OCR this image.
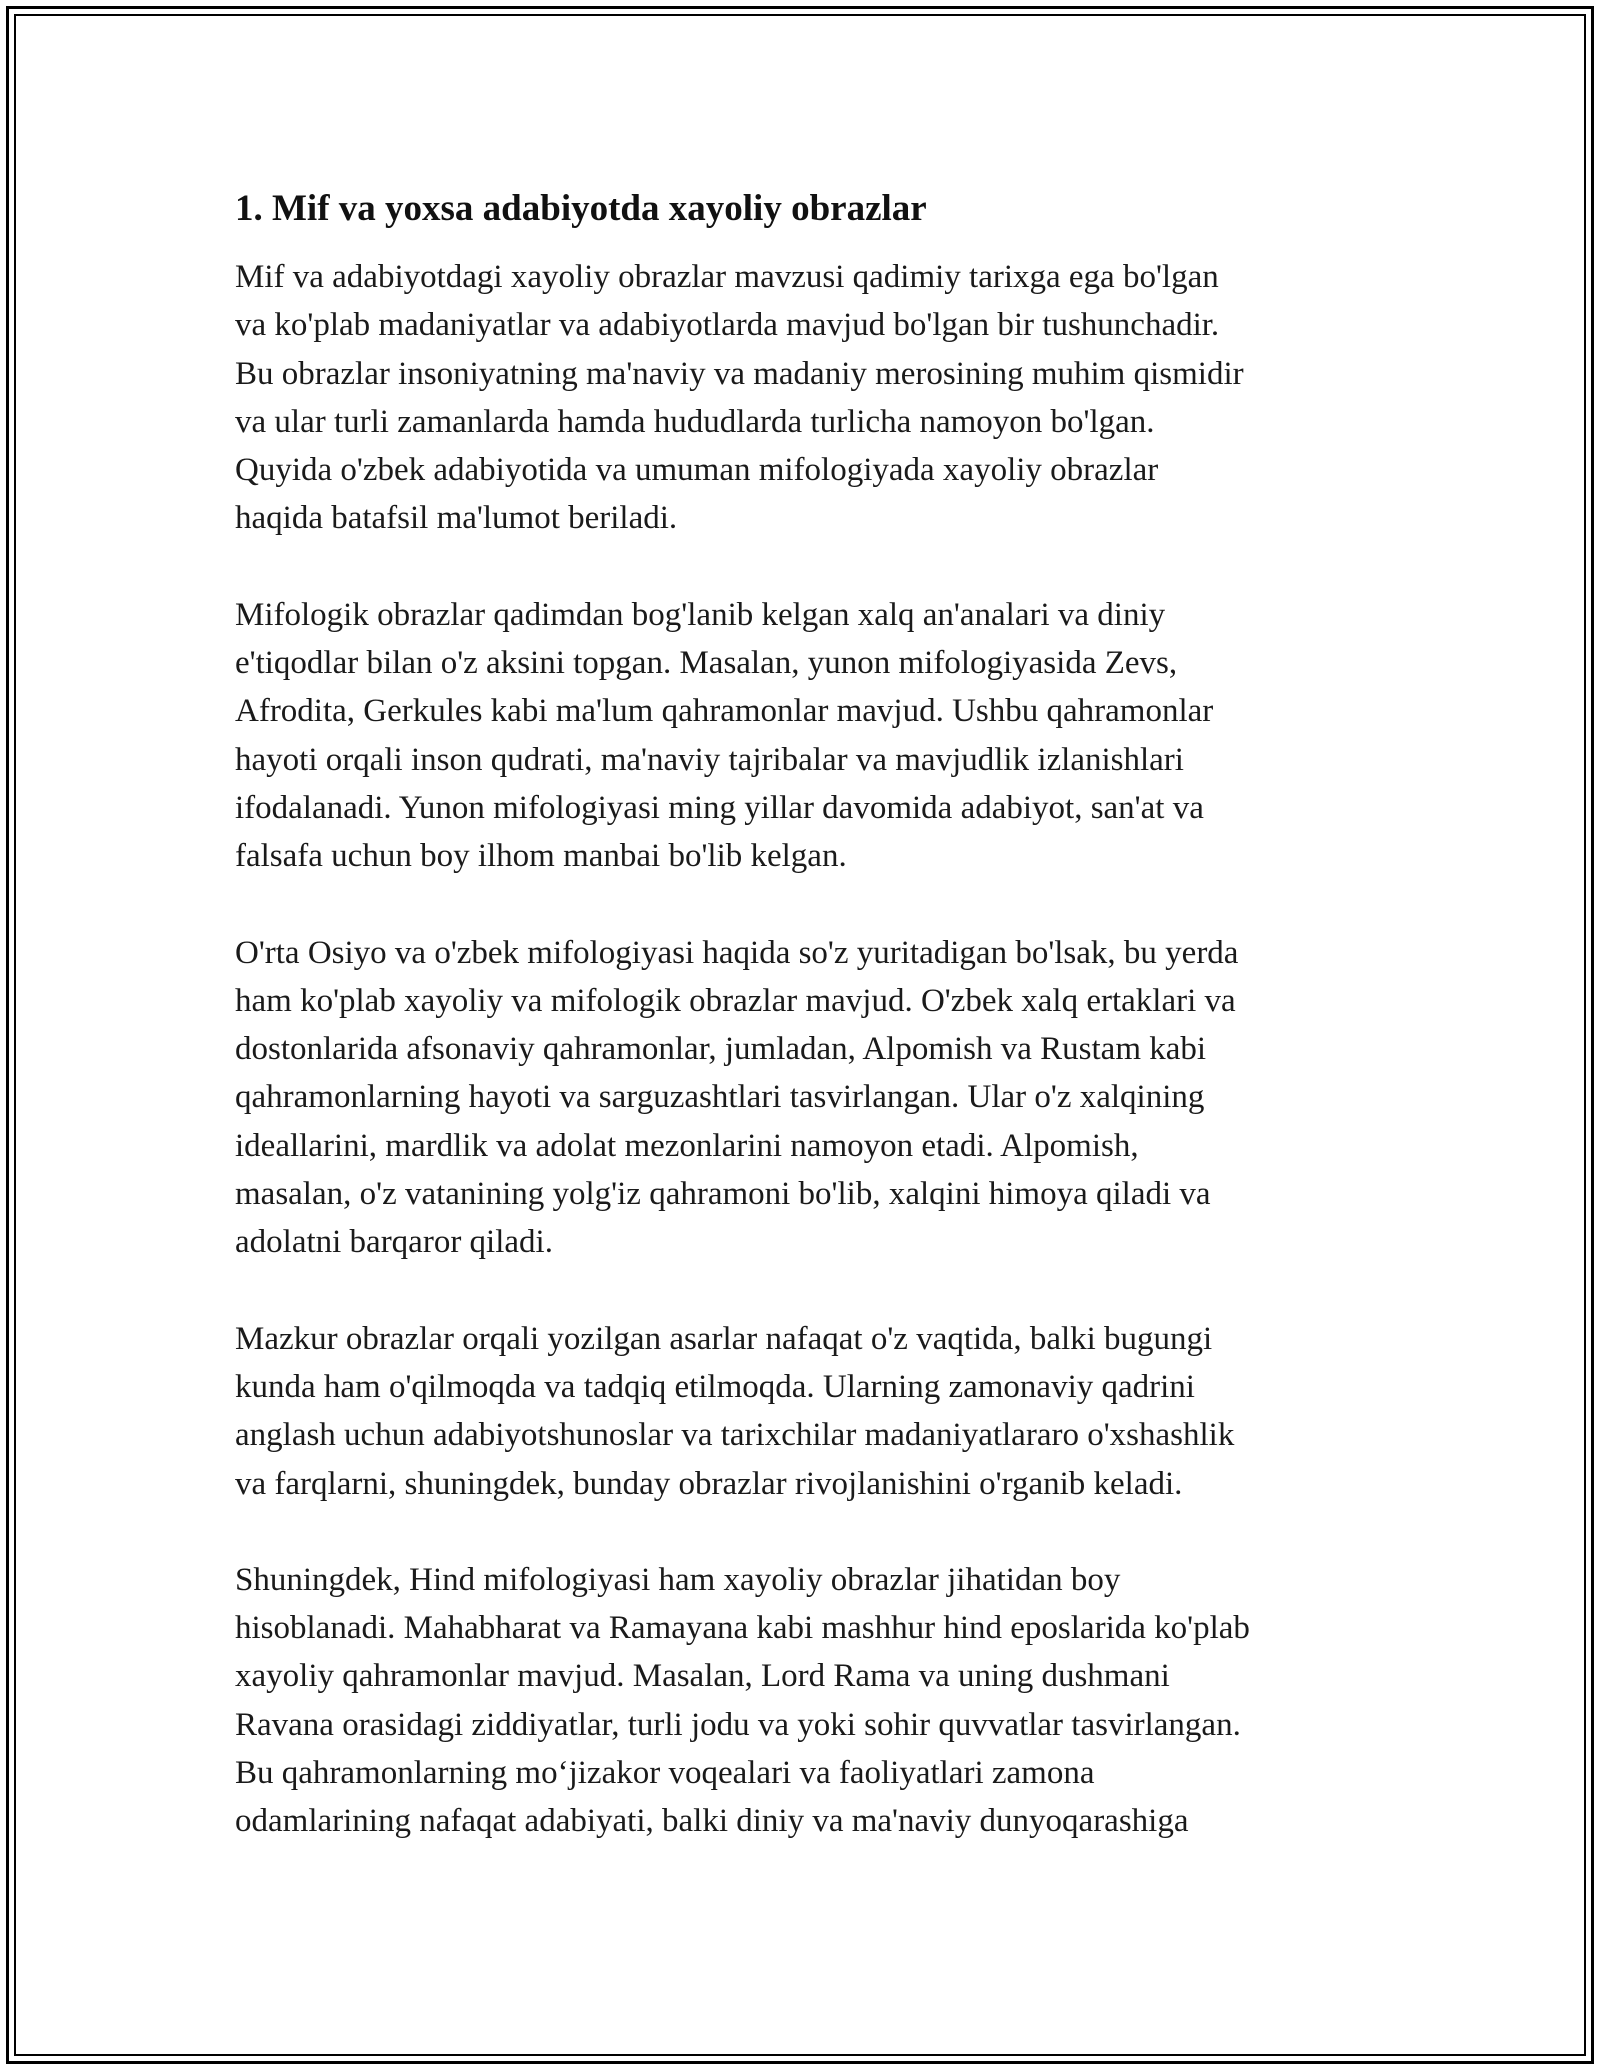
1. Mif va yoxsa adabiyotda xayoliy obrazlar

Mif va adabiyotdagi xayoliy obrazlar mavzusi qadimiy tarixga ega bo'lgan
va ko'plab madaniyatlar va adabiyotlarda mavjud bo'lgan bir tushunchadir.
Bu obrazlar insoniyatning ma'naviy va madaniy merosining muhim qismidir
va ular turli zamanlarda hamda hududlarda turlicha namoyon bo'lgan.
Quyida o'zbek adabiyotida va umuman mifologiyada xayoliy obrazlar
haqida batafsil ma'lumot beriladi.

Mifologik obrazlar qadimdan bog'lanib kelgan xalq an'analari va diniy
e'tiqodlar bilan o'z aksini topgan. Masalan, yunon mifologiyasida Zevs,
Afrodita, Gerkules kabi ma'lum qahramonlar mavjud. Ushbu qahramonlar
hayoti orqali inson qudrati, ma'naviy tajribalar va mavjudlik izlanishlari
ifodalanadi. Yunon mifologiyasi ming yillar davomida adabiyot, san'at va
falsafa uchun boy ilhom manbai bo'lib kelgan.

O'rta Osiyo va o'zbek mifologiyasi haqida so'z yuritadigan bo'lsak, bu yerda
ham ko'plab xayoliy va mifologik obrazlar mavjud. O'zbek xalq ertaklari va
dostonlarida afsonaviy qahramonlar, jumladan, Alpomish va Rustam kabi
qahramonlarning hayoti va sarguzashtlari tasvirlangan. Ular o'z xalqining
ideallarini, mardlik va adolat mezonlarini namoyon etadi. Alpomish,
masalan, o'z vatanining yolg'iz qahramoni bo'lib, xalqini himoya qiladi va
adolatni barqaror qiladi.

Mazkur obrazlar orqali yozilgan asarlar nafaqat o'z vaqtida, balki bugungi
kunda ham o'qilmoqda va tadqiq etilmoqda. Ularning zamonaviy qadrini
anglash uchun adabiyotshunoslar va tarixchilar madaniyatlararo o'xshashlik
va farqlarni, shuningdek, bunday obrazlar rivojlanishini o'rganib keladi.

Shuningdek, Hind mifologiyasi ham xayoliy obrazlar jihatidan boy
hisoblanadi. Mahabharat va Ramayana kabi mashhur hind eposlarida ko'plab
xayoliy qahramonlar mavjud. Masalan, Lord Rama va uning dushmani
Ravana orasidagi ziddiyatlar, turli jodu va yoki sohir quvvatlar tasvirlangan.
Bu qahramonlarning mo‘jizakor voqealari va faoliyatlari zamona
odamlarining nafaqat adabiyati, balki diniy va ma'naviy dunyoqarashiga
